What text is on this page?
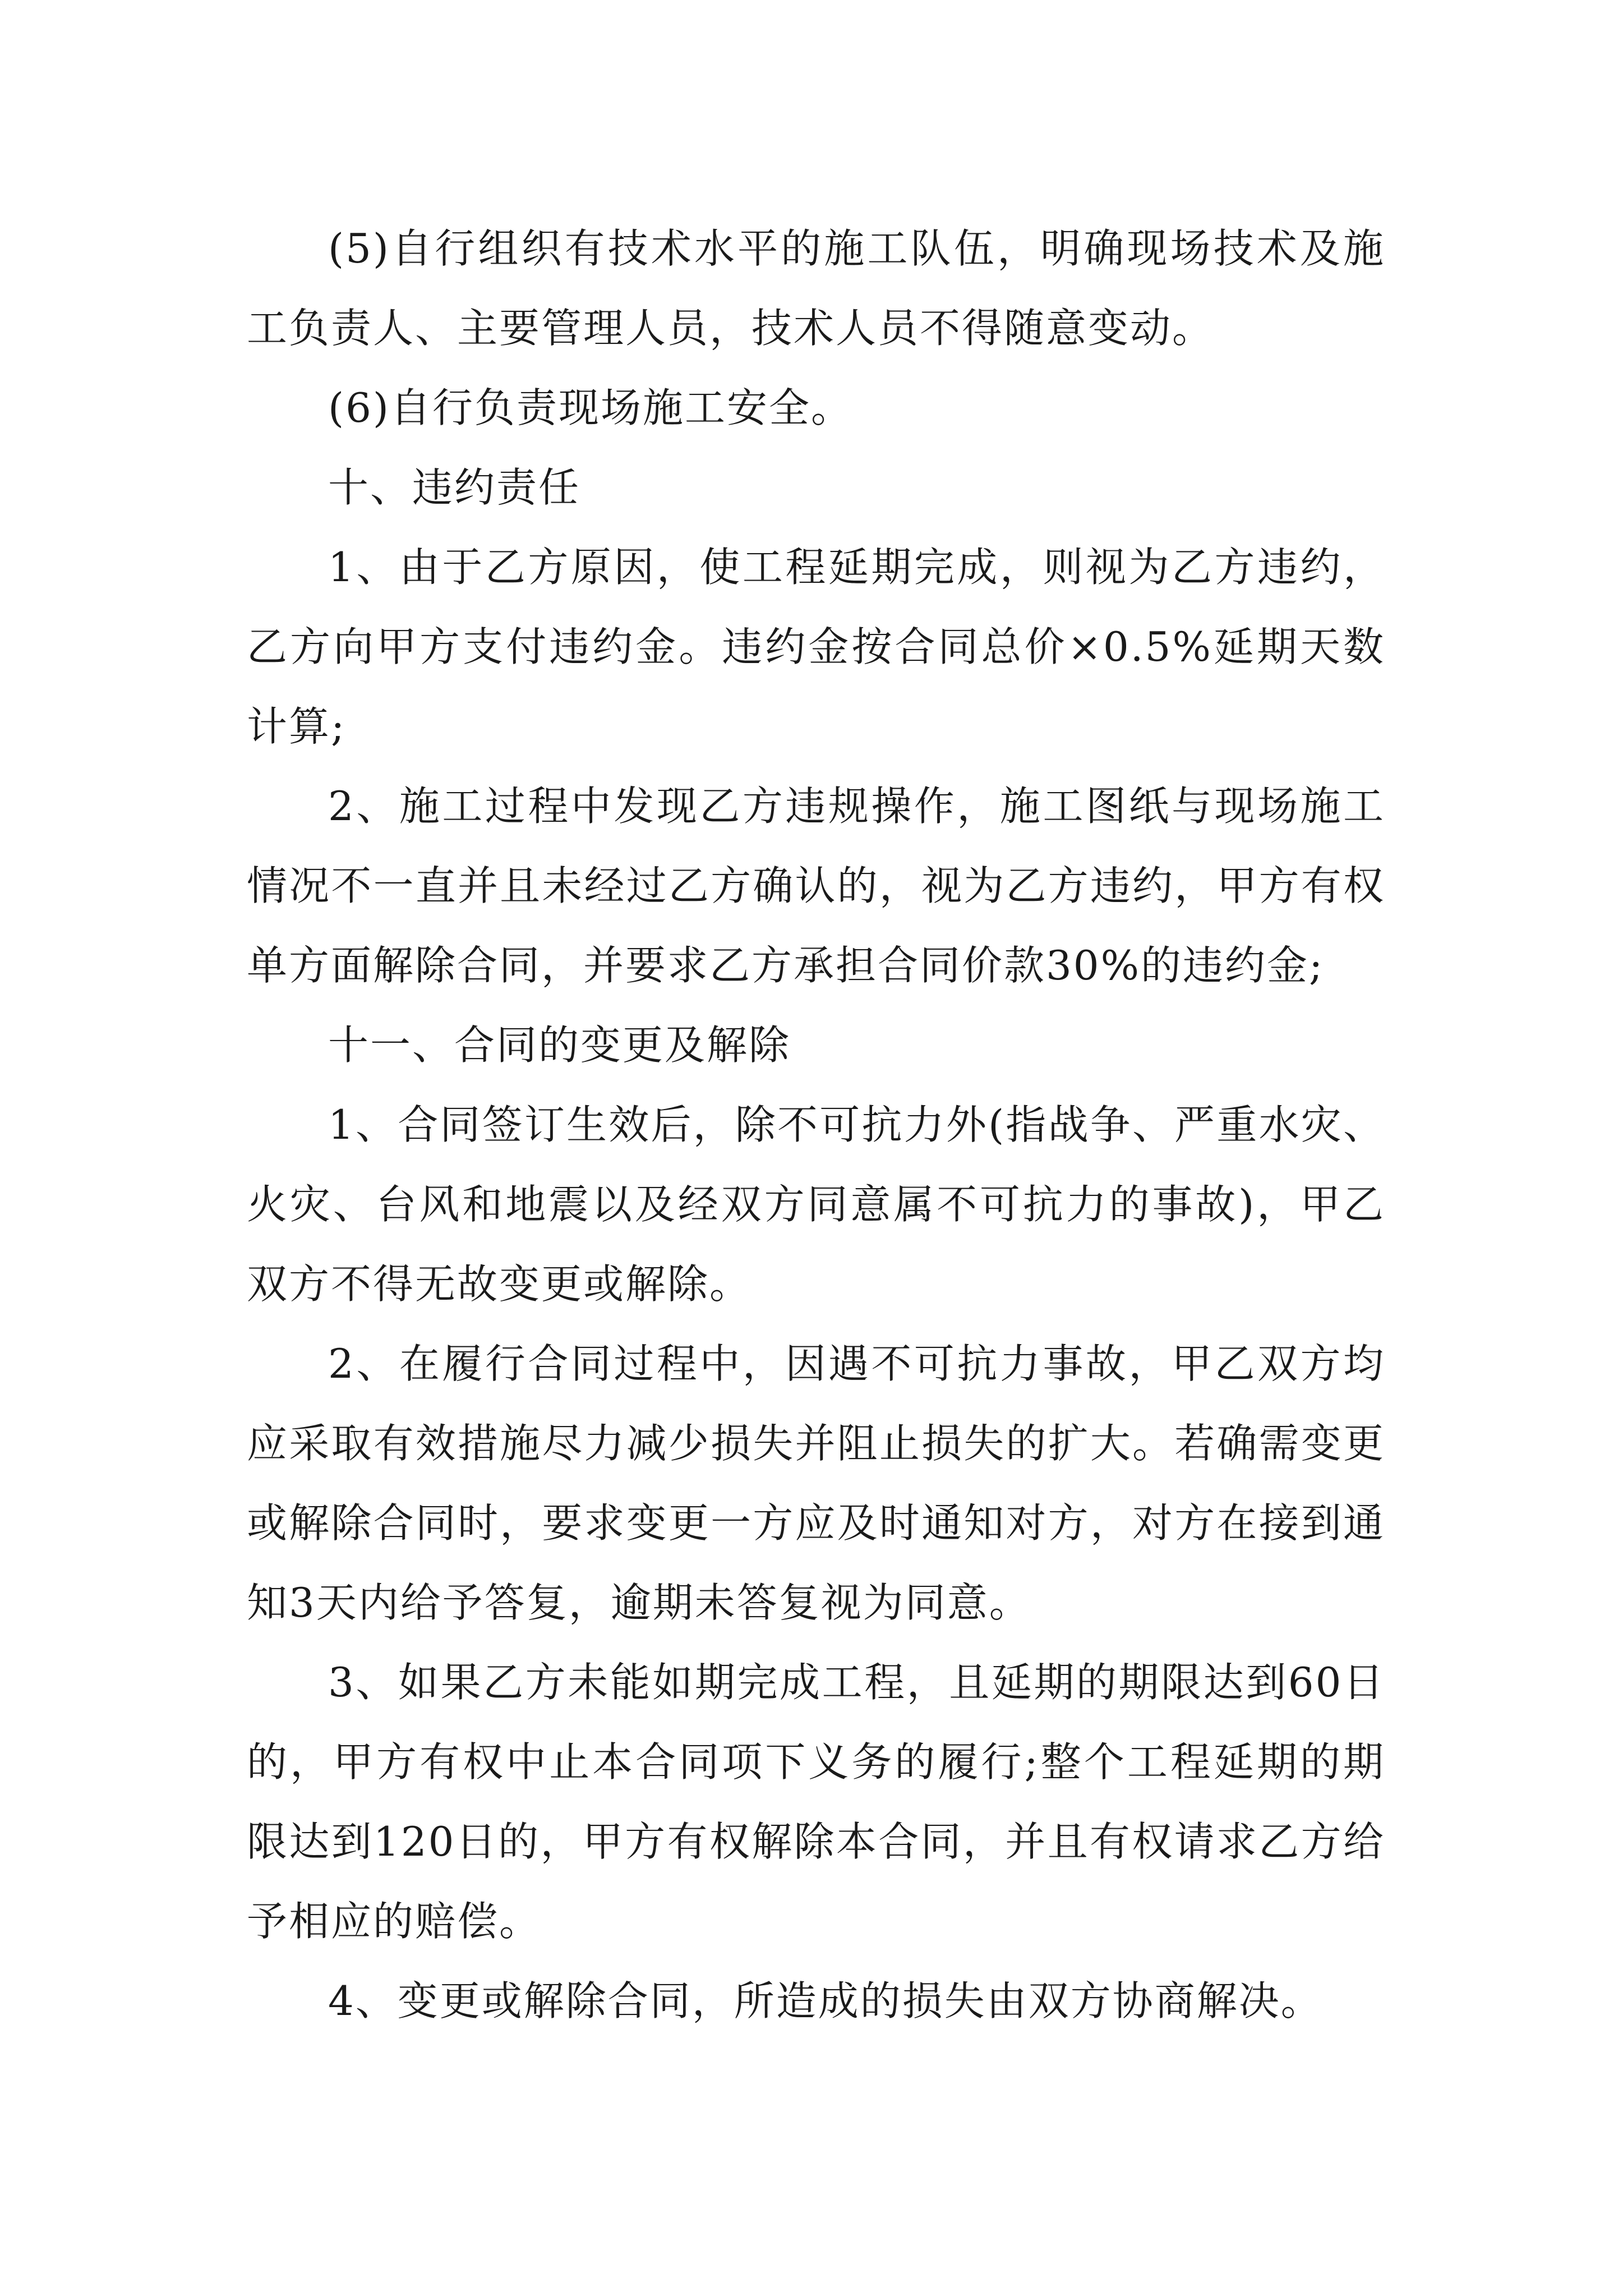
(5)自行组织有技术水平的施工队伍，明确现场技术及施工负责人、主要管理人员，技术人员不得随意变动。

(6)自行负责现场施工安全。

十、违约责任

1、由于乙方原因，使工程延期完成，则视为乙方违约，乙方向甲方支付违约金。违约金按合同总价×0.5%延期天数计算;

2、施工过程中发现乙方违规操作，施工图纸与现场施工情况不一直并且未经过乙方确认的，视为乙方违约，甲方有权单方面解除合同，并要求乙方承担合同价款30%的违约金;

十一、合同的变更及解除

1、合同签订生效后，除不可抗力外(指战争、严重水灾、火灾、台风和地震以及经双方同意属不可抗力的事故)，甲乙双方不得无故变更或解除。

2、在履行合同过程中，因遇不可抗力事故，甲乙双方均应采取有效措施尽力减少损失并阻止损失的扩大。若确需变更或解除合同时，要求变更一方应及时通知对方，对方在接到通知3天内给予答复，逾期未答复视为同意。

3、如果乙方未能如期完成工程，且延期的期限达到60日的，甲方有权中止本合同项下义务的履行;整个工程延期的期限达到120日的，甲方有权解除本合同，并且有权请求乙方给予相应的赔偿。

4、变更或解除合同，所造成的损失由双方协商解决。
